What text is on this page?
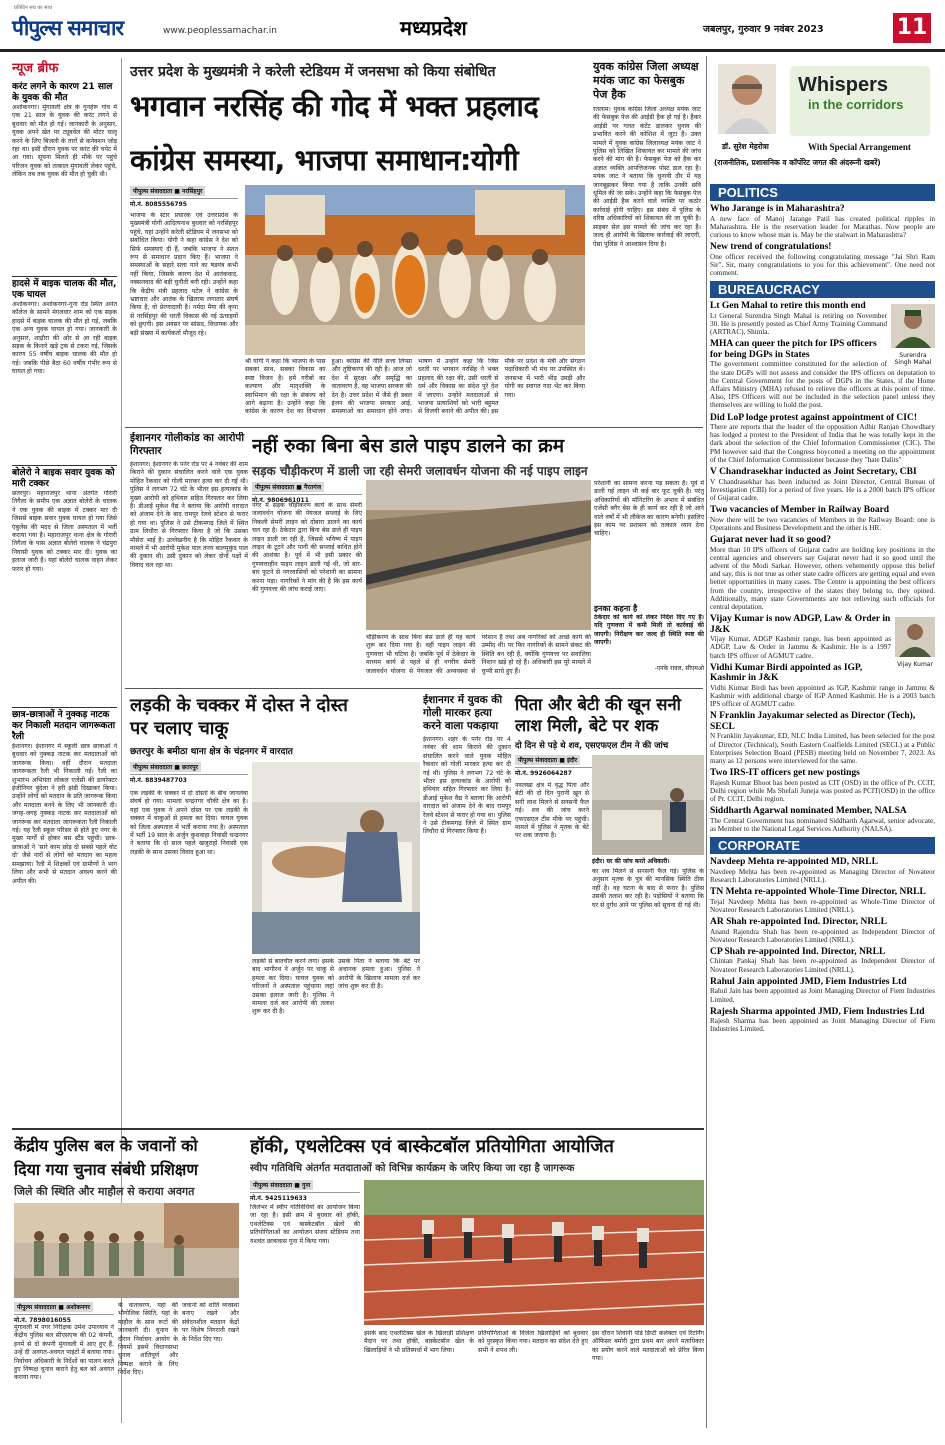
प्रतिदिन सच का साथ
पीपुल्स समाचार	www.peoplessamachar.in	मध्यप्रदेश	जबलपुर, गुरुवार 9 नवंबर 2023	11
न्यूज ब्रीफ
करंट लगने के कारण 21 साल के युवक की मौत
अशोकनगर। मुंगावली क्षेत्र के गुनहेरू गांव में एक 21 साल के युवक की करंट लगने से बुधवार को मौत हो गई। जानकारी के अनुसार, युवक अपने खेत पर ट्यूबवेल की मोटर चालू करने के लिए बिजली के तारों से कनेक्शन जोड़ रहा था। इसी दौरान युवक पर करंट की चपेट में आ गया। सूचना मिलते ही मौके पर पहुंचे परिजन युवक को तत्काल मुंगावली लेकर पहुंचे, लेकिन तब तक युवक की मौत हो चुकी थी।
हादसे में बाइक चालक की मौत, एक घायल
अशोकनगर। अशोकनगर-गुना रोड स्थित अनंत कॉलेज के सामने मंगलवार शाम को एक सड़क हादसे में बाइक चालक की मौत हो गई, जबकि एक अन्य युवक घायल हो गया। जानकारी के अनुसार, शाढ़ौरा की ओर से आ रही बाइक सड़क के किनारे खड़े ट्रक से टकरा गई, जिसके कारण 55 वर्षीय बाइक चालक की मौत हो गई। जबकि पीछे बैठा 60 वर्षीय गंभीर रूप से घायल हो गया।
बोलेरो ने बाइक सवार युवक को मारी टक्कर
छतरपुर। महाराजपुर थाना अंतर्गत गोरारी तिगैला के समीप एक अज्ञात बोलेरो के चालक ने एक युवक की बाइक में टक्कर मार दी जिससे बाइक सवार युवक घायल हो गया जिसे एंबुलेंस की मदद से जिला अस्पताल में भर्ती कराया गया है। महाराजपुर थाना क्षेत्र के गोरारी तिगैला के पास अज्ञात बोलेरो चालक ने चंद्रपुरा निवासी युवक को टक्कर मार दी। युवक का इलाज जारी है। यहां बोलेरो चालक वाहन लेकर फरार हो गया।
छात्र-छात्राओं ने नुक्कड़ नाटक कर निकाली मतदान जागरूकता रैली
ईशानगर। ईशानगर में स्कूली छात्र छात्राओं ने बुधवार को नुक्कड़ नाटक कर मतदाताओं को जागरूक किया। वहीं दौरान मतदाता जागरूकता रैली भी निकाली गई। रैली का शुभारंभ अभियंता लोकल एजेंसी की डायरेक्टर इंजीनियर बुंदेला ने हरी झंडी दिखाकर किया। उन्होंने लोगों को मतदान के प्रति जागरूक किया और मतदाता बनने के लिए भी जानकारी दी। जगह-जगह नुक्कड़ नाटक कर मतदाताओं को जागरूक कर मतदाता जागरूकता रैली निकाली गई। यह रैली स्कूल परिसर से होते हुए नगर के मुख्य मार्गों से होकर बस स्टैंड पहुंची। छात्र-छात्राओं ने ‘सारे काम छोड़ दो सबसे पहले वोट दो’ जैसे नारों से लोगों को मतदान का महत्व समझाया। रैली में शिक्षकों एवं ग्रामीणों ने भाग लिया और सभी से मतदान अवश्य करने की अपील की।
उत्तर प्रदेश के मुख्यमंत्री ने करेली स्टेडियम में जनसभा को किया संबोधित
भगवान नरसिंह की गोद में भक्त प्रहलाद
कांग्रेस समस्या, भाजपा समाधान:योगी
पीपुल्स संवाददाता ■ नरसिंहपुर
मो.नं. 8085556795
भाजपा के स्टार प्रचारक एवं उत्तरप्रदेश के मुख्यमंत्री योगी आदित्यनाथ बुधवार को नरसिंहपुर पहुंचे, यहां उन्होंने करेली स्टेडियम में जनसभा को संबोधित किया। योगी ने कहा कांग्रेस ने देश को सिर्फ समस्याएं दी हैं, जबकि भाजपा ने सतत रूप से समाधान प्रदान किए हैं। भाजपा ने समस्याओं के सहारे सत्ता पाने का षडयंत्र कभी नहीं किया, जिसके कारण देश में आतंकवाद, नक्सलवाद की बड़ी चुनौती बनी रही। उन्होंने कहा कि केंद्रीय मंत्री प्रहलाद पटेल ने कांग्रेस के भ्रष्टाचार और आतंक के खिलाफ लगातार संघर्ष किया है, वो प्रेरणादायी है। नर्मदा मैया की कृपा से नरसिंहपुर की धरती विकास की नई ऊंचाइयों को छुएगी। इस अवसर पर सांसद, विधायक और बड़ी संख्या में कार्यकर्ता मौजूद रहे।
श्री योगी ने कहा कि भाजपा के पास सबका साथ, सबका विकास का स्पष्ट विजन है। हमें गरीबों का कल्याण और मातृशक्ति के स्वाभिमान की रक्षा के संकल्प को आगे बढ़ाना है। उन्होंने कहा कि कांग्रेस के कारण देश का विभाजन हुआ। कांग्रेस की नीति सत्ता लिप्सा और तुष्टिकरण की रही है। आज जो देश में सुरक्षा और समृद्धि का वातावरण है, वह भाजपा सरकार की देन है। उत्तर प्रदेश में जैसे ही डबल इंजन की भाजपा सरकार आई, समस्याओं का समाधान होने लगा। भाषण में उन्होंने कहा कि जिस धरती पर भगवान नरसिंह ने भक्त प्रहलाद की रक्षा की, उसी धरती से धर्म और विकास का संदेश पूरे देश में जाएगा। उन्होंने मतदाताओं से भाजपा प्रत्याशियों को भारी बहुमत से विजयी बनाने की अपील की। इस मौके पर प्रदेश के मंत्री और संगठन पदाधिकारी भी मंच पर उपस्थित थे। जनसभा में भारी भीड़ उमड़ी और योगी का स्वागत गदा भेंट कर किया गया।
युवक कांग्रेस जिला अध्यक्ष मयंक जाट का फेसबुक पेज हैक
रतलाम। युवक कांग्रेस जिला अध्यक्ष मयंक जाट की फेसबुक पेज की आईडी हैक हो गई है। हैकर आईडी पर गलत कंटेंट डालकर चुनाव की प्रभावित करने की कोशिश में जुटा है। उक्त मामले में युवक कांग्रेस जिलाध्यक्ष मयंक जाट ने पुलिस को लिखित शिकायत कर मामले की जांच करने की मांग की है। फेसबुक पेज को हैक कर अज्ञात व्यक्ति आपत्तिजनक पोस्ट डाल रहा है। मयंक जाट ने बताया कि चुनावी दौर में यह जानबूझकर किया गया है ताकि उनकी छवि धूमिल की जा सके। उन्होंने कहा कि फेसबुक पेज की आईडी हैक करने वाले व्यक्ति पर कठोर कार्रवाई होनी चाहिए। इस संबंध में पुलिस के वरिष्ठ अधिकारियों को शिकायत की जा चुकी है। साइबर सेल इस मामले की जांच कर रहा है। जल्द ही आरोपी के खिलाफ कार्रवाई की जाएगी, ऐसा पुलिस ने आश्वासन दिया है।
Whispers
in the corridors
डॉ. सुरेश मेहरोत्रा	With Special Arrangement
(राजनीतिक, प्रशासनिक व कॉर्पोरेट जगत की अंदरूनी खबरें)
POLITICS
Who Jarange is in Maharashtra?
A new face of Manoj Jarange Patil has created political ripples in Maharashtra. He is the reservation leader for Marathas. Now people are curious to know whose man is. May be the stalwart in Maharashtra?
New trend of congratulations!
One officer received the following congratulating message "Jai Shri Ram Sir". Sir, many congratulations to you for this achievement". One need not comment.
BUREAUCRACY
Surendra Singh Mahal
Lt Gen Mahal to retire this month end
Lt General Surendra Singh Mahal is retiring on November 30. He is presently posted as Chief Army Training Command (ARTRAC), Shimla.
MHA can queer the pitch for IPS officers for being DGPs in States
The government committee constituted for the selection of the state DGPs will not assess and consider the IPS officers on deputation to the Central Government for the posts of DGPs in the States, if the Home Affairs Ministry (MHA) refused to relieve the officers at this point of time. Also, IPS Officers will not be included in the selection panel unless they themselves are willing to hold the post.
Did LoP lodge protest against appointment of CIC!
There are reports that the leader of the opposition Adhir Ranjan Chowdhary has lodged a protest to the President of India that he was totally kept in the dark about the selection of the Chief Information Commissioner (CIC). The PM however said that the Congress boycotted a meeting on the appointment of the Chief Information Commissioner because they "hate Dalits"
V Chandrasekhar inducted as Joint Secretary, CBI
V Chandrasekhar has been inducted as Joint Director, Central Bureau of Investigation (CBI) for a period of five years. He is a 2000 batch IPS officer of Gujarat cadre.
Two vacancies of Member in Railway Board
Now there will be two vacancies of Members in the Railway Board: one is Operations and Business Development and the other is HR.
Gujarat never had it so good?
More than 10 IPS officers of Gujarat cadre are holding key positions in the central agencies and observers say Gujarat never had it so good until the advent of the Modi Sarkar. However, others vehemently oppose this belief and say, this is not true as other state cadre officers are getting equal and even better opportunities in many cases. The Centre is appointing the best officers from the country, irrespective of the states they belong to, they opined. Additionally, many state Governments are not relieving such officials for central deputation.
Vijay Kumar
Vijay Kumar is now ADGP, Law & Order in J&K
Vijay Kumar, ADGP Kashmir range, has been appointed as ADGP, Law & Order in Jammu & Kashmir. He is a 1997 batch IPS officer of AGMUT cadre.
Vidhi Kumar Birdi appointed as IGP, Kashmir in J&K
Vidhi Kumar Birdi has been appointed as IGP, Kashmir range in Jammu & Kashmir with additional charge of IGP Armed Kashmir. He is a 2003 batch IPS officer of AGMUT cadre.
N Franklin Jayakumar selected as Director (Tech), SECL
N Franklin Jayakumar, ED, NLC India Limited, has been selected for the post of Director (Technical), South Eastern Coalfields Limited (SECL) at a Public Enterprises Selection Board (PESB) meeting held on November 7, 2023. As many as 12 persons were interviewed for the same.
Two IRS-IT officers get new postings
Rajesh Kumar Bhoot has been posted as CIT (OSD) in the office of Pr. CCIT, Delhi region while Ms Shefali Juneja was posted as PCIT(OSD) in the office of Pr. CCIT, Delhi region.
Siddharth Agarwal nominated Member, NALSA
The Central Government has nominated Siddharth Agarwal, senior advocate, as Member to the National Legal Services Authority (NALSA).
CORPORATE
Navdeep Mehta re-appointed MD, NRLL
Navdeep Mehta has been re-appointed as Managing Director of Novateor Research Laboratories Limited (NRLL).
TN Mehta re-appointed Whole-Time Director, NRLL
Tejal Navdeep Mehta has been re-appointed as Whole-Time Director of Novateor Research Laboratories Limited (NRLL).
AR Shah re-appointed Ind. Director, NRLL
Anand Rajendra Shah has been re-appointed as Independent Director of Novateor Research Laboratories Limited (NRLL).
CP Shah re-appointed Ind. Director, NRLL
Chintan Pankaj Shah has been re-appointed as Independent Director of Novateor Research Laboratories Limited (NRLL).
Rahul Jain appointed JMD, Fiem Industries Ltd
Rahul Jain has been appointed as Joint Managing Director of Fiem Industries Limited.
Rajesh Sharma appointed JMD, Fiem Industries Ltd
Rajesh Sharma has been appointed as Joint Managing Director of Fiem Industries Limited.
ईशानगर गोलीकांड का आरोपी गिरफ्तार
ईशानगर। ईशानगर के पनेर रोड पर 4 नवंबर की शाम किराने की दुकान संचालित करने वाले एक युवक मोहित रैकवार को गोली मारकर हत्या कर दी गई थी। पुलिस ने लगभग 72 घंटे के भीतर इस हत्याकांड के मुख्य आरोपी को हथियार सहित गिरफ्तार कर लिया है। डीआई मुकेश वैद्य ने बताया कि आरोपी वारदात को अंजाम देने के बाद रामपुर रेलवे स्टेशन से फरार हो गया था। पुलिस ने उसे टीकमगढ़ जिले में स्थित ग्राम लिधौरा से गिरफ्तार किया है जो कि उसका मौसेरा भाई है। उल्लेखनीय है कि मोहित रैकवार के मामले में भी आरोपी मुकेश पाल तनय बालमुकुंद पाल की दुकान थी। उसी दुकान को लेकर दोनों पक्षों में विवाद चल रहा था।
नहीं रुका बिना बेस डाले पाइप डालने का क्रम
सड़क चौड़ीकरण में डाली जा रही सेमरी जलावर्धन योजना की नई पाइप लाइन
पीपुल्स संवाददाता ■ गैरतगंज
मो.नं. 9806961011
नगर में सड़क चौड़ीकरण कार्य के साथ सेमरी जलावर्धन योजना की पेयजल सप्लाई के लिए निकली सेमरी लाइन को दोबारा डालने का कार्य चल रहा है। ठेकेदार द्वारा बिना बेस डाले ही पाइप लाइन डाली जा रही है, जिससे भविष्य में पाइप लाइन के टूटने और पानी की सप्लाई बाधित होने की आशंका है। पूर्व में भी इसी प्रकार की गुणवत्ताहीन पाइप लाइन डाली गई थी, जो बार-बार फूटने से नगरवासियों को परेशानी का सामना करना पड़ा। नागरिकों ने मांग की है कि इस कार्य की गुणवत्ता की जांच कराई जाए।
चौड़ीकरण के साथ बिना बेस डाले ही यह कार्य शुरू कर दिया गया है। वहीं पाइप लाइन की गुणवत्ता भी घटिया है। जबकि पूर्व में ठेकेदार के माध्यम कार्य से पहले से ही नगरीय सेमरी जलावर्धन योजना से पेयजल की अव्यवस्था से परेशान हैं तथा अब नागरिकों को अच्छे कार्य की उम्मीद थी। पर फिर नागरिकों के सामने संकट की स्थिति बन रही है, क्योंकि गुणवत्ता पर सवालिया निशान खड़े हो रहे हैं। अधिकारी इस पूरे मामले में चुप्पी साधे हुए हैं।
परेशानी का सामना करना पड़ सकता है। पूर्व में डाली गई लाइन भी कई बार फूट चुकी है। परंतु अधिकारियों की मॉनिटरिंग के अभाव में संबंधित एजेंसी बगैर बेस के ही कार्य कर रही है जो आने वाले वर्षों में भी लीकेज का कारण बनेगी। इसलिए इस काम पर प्रशासन को तत्काल ध्यान देना चाहिए।
इनका कहना है
ठेकेदार को कार्य को लेकर निर्देश दिए गए हैं। यदि गुणवत्ता में कमी मिली तो कार्रवाई की जाएगी। निरीक्षण कर जल्द ही स्थिति स्पष्ट की जाएगी।
-एनके रावल, सीएमओ
लड़की के चक्कर में दोस्त ने दोस्त पर चलाए चाकू
छतरपुर के बमीठा थाना क्षेत्र के चंद्रनगर में वारदात
पीपुल्स संवाददाता ■ छतरपुर
मो.नं. 8839487703
एक लड़की के चक्कर में दो दोस्तों के बीच जानलेवा संघर्ष हो गया। मामला चन्द्रनगर चौकी क्षेत्र का है। यहां एक युवक ने अपने दोस्त पर एक लड़की के चक्कर में चाकुओं से हमला कर दिया। घायल युवक को जिला अस्पताल में भर्ती कराया गया है। अस्पताल में भर्ती 19 साल के अर्जुन कुशवाहा निवासी चन्द्रनगर ने बताया कि दो साल पहले खजुराहो निवासी एक लड़की के साथ उसका विवाद हुआ था।
लड़की से बातचीत करने लगा। इसके बाद भागीरथ ने अर्जुन पर चाकू से हमला कर दिया। घायल युवक को परिजनों ने अस्पताल पहुंचाया जहां उसका इलाज जारी है। पुलिस ने मामला दर्ज कर आरोपी की तलाश शुरू कर दी है।
उसके पिता ने बताया कि बेटे पर अचानक हमला हुआ। पुलिस ने आरोपी के खिलाफ मामला दर्ज कर जांच शुरू कर दी है।
ईशानगर में युवक की गोली मारकर हत्या करने वाला पकड़ाया
ईशानगर। शहर के पनेर रोड पर 4 नवंबर की शाम किराने की दुकान संचालित करने वाले युवक मोहित रैकवार को गोली मारकर हत्या कर दी गई थी। पुलिस ने लगभग 72 घंटे के भीतर इस हत्याकांड के आरोपी को हथियार सहित गिरफ्तार कर लिया है। डीआई मुकेश वैद्य ने बताया कि आरोपी वारदात को अंजाम देने के बाद रामपुर रेलवे स्टेशन से फरार हो गया था। पुलिस ने उसे टीकमगढ़ जिले में स्थित ग्राम लिधौरा से गिरफ्तार किया है।
पिता और बेटी की खून सनी लाश मिली, बेटे पर शक
दो दिन से पड़े थे शव, एसएफएल टीम ने की जांच
पीपुल्स संवाददाता ■ इंदौर
मो.नं. 9926064287
इंदौर। घर की जांच करते अधिकारी।
नवलखा क्षेत्र में वृद्ध पिता और बेटी की दो दिन पुरानी खून से सनी लाश मिलने से सनसनी फैल गई। शव की जांच करने एफएसएल टीम मौके पर पहुंची। मामले में पुलिस ने मृतक के बेटे पर शक जताया है।
का शव मिलने से सनसनी फैल गई। पुलिस के अनुसार मृतक के पुत्र की मानसिक स्थिति ठीक नहीं है। वह घटना के बाद से फरार है। पुलिस उसकी तलाश कर रही है। पड़ोसियों ने बताया कि घर से दुर्गंध आने पर पुलिस को सूचना दी गई थी।
केंद्रीय पुलिस बल के जवानों को
दिया गया चुनाव संबंधी प्रशिक्षण
जिले की स्थिति और माहौल से कराया अवगत
पीपुल्स संवाददाता ■ अशोकनगर
मो.नं. 7898016055
मुंगावली में नगर निरीक्षक उमेश उपाध्याय ने केंद्रीय पुलिस बल सीएसएफ की 02 कंपनी, इनमें से दो कंपनी मुंगावली में आए हुए हैं, उन्हें दी अवगत-अवगत पाइंटों में बताया गया। निर्वाचन अधिकारी के निर्देशों का पालन करते हुए निष्पक्ष चुनाव कराने हेतु बल को अवगत कराया गया।
के वातावरण, यहां की भौगोलिक स्थिति, यहां के माहौल के साथ रूटों की जानकारी दी। चुनाव के दौरान निर्वाचन आयोग के नियमों इसमें विधानसभा चुनाव शांतिपूर्ण और निष्पक्ष कराने के लिए निर्देश दिए।
जवानों को शांति व्यवस्था बनाए रखने और संवेदनशील मतदान केंद्रों पर विशेष निगरानी रखने के निर्देश दिए गए।
हॉकी, एथलेटिक्स एवं बास्केटबॉल प्रतियोगिता आयोजित
स्वीप गतिविधि अंतर्गत मतदाताओं को विभिन्न कार्यक्रम के जरिए किया जा रहा है जागरूक
पीपुल्स संवाददाता ■ गुना
मो.नं. 9425119633
जिलेभर में स्वीप गतिविधियों का आयोजन किया जा रहा है। इसी क्रम में बुधवार को हॉकी, एथलेटिक्स एवं बास्केटबॉल खेलों की प्रतियोगिताओं का आयोजन संजय स्टेडियम तथा यशवंत छात्रावास गुना में किया गया।
इसके बाद एथलेटिक्स खेल के खिलाड़ी प्रशिक्षण मैदान पर तथा हॉकी, बास्केटबॉल खेल के खिलाड़ियों ने भी प्रतिस्पर्धा में भाग लिया।
प्रतियोगिताओं के विजेता खिलाड़ियों को बुधवार को पुरस्कृत किया गया। मतदान का संदेश देते हुए सभी ने शपथ ली।
इस दौरान शिवानी पांडे डिप्टी कलेक्टर एवं रिटर्निंग ऑफिसर बमोरी द्वारा प्रथम बार अपने मताधिकार का प्रयोग करने वाले मतदाताओं को प्रेरित किया गया।
